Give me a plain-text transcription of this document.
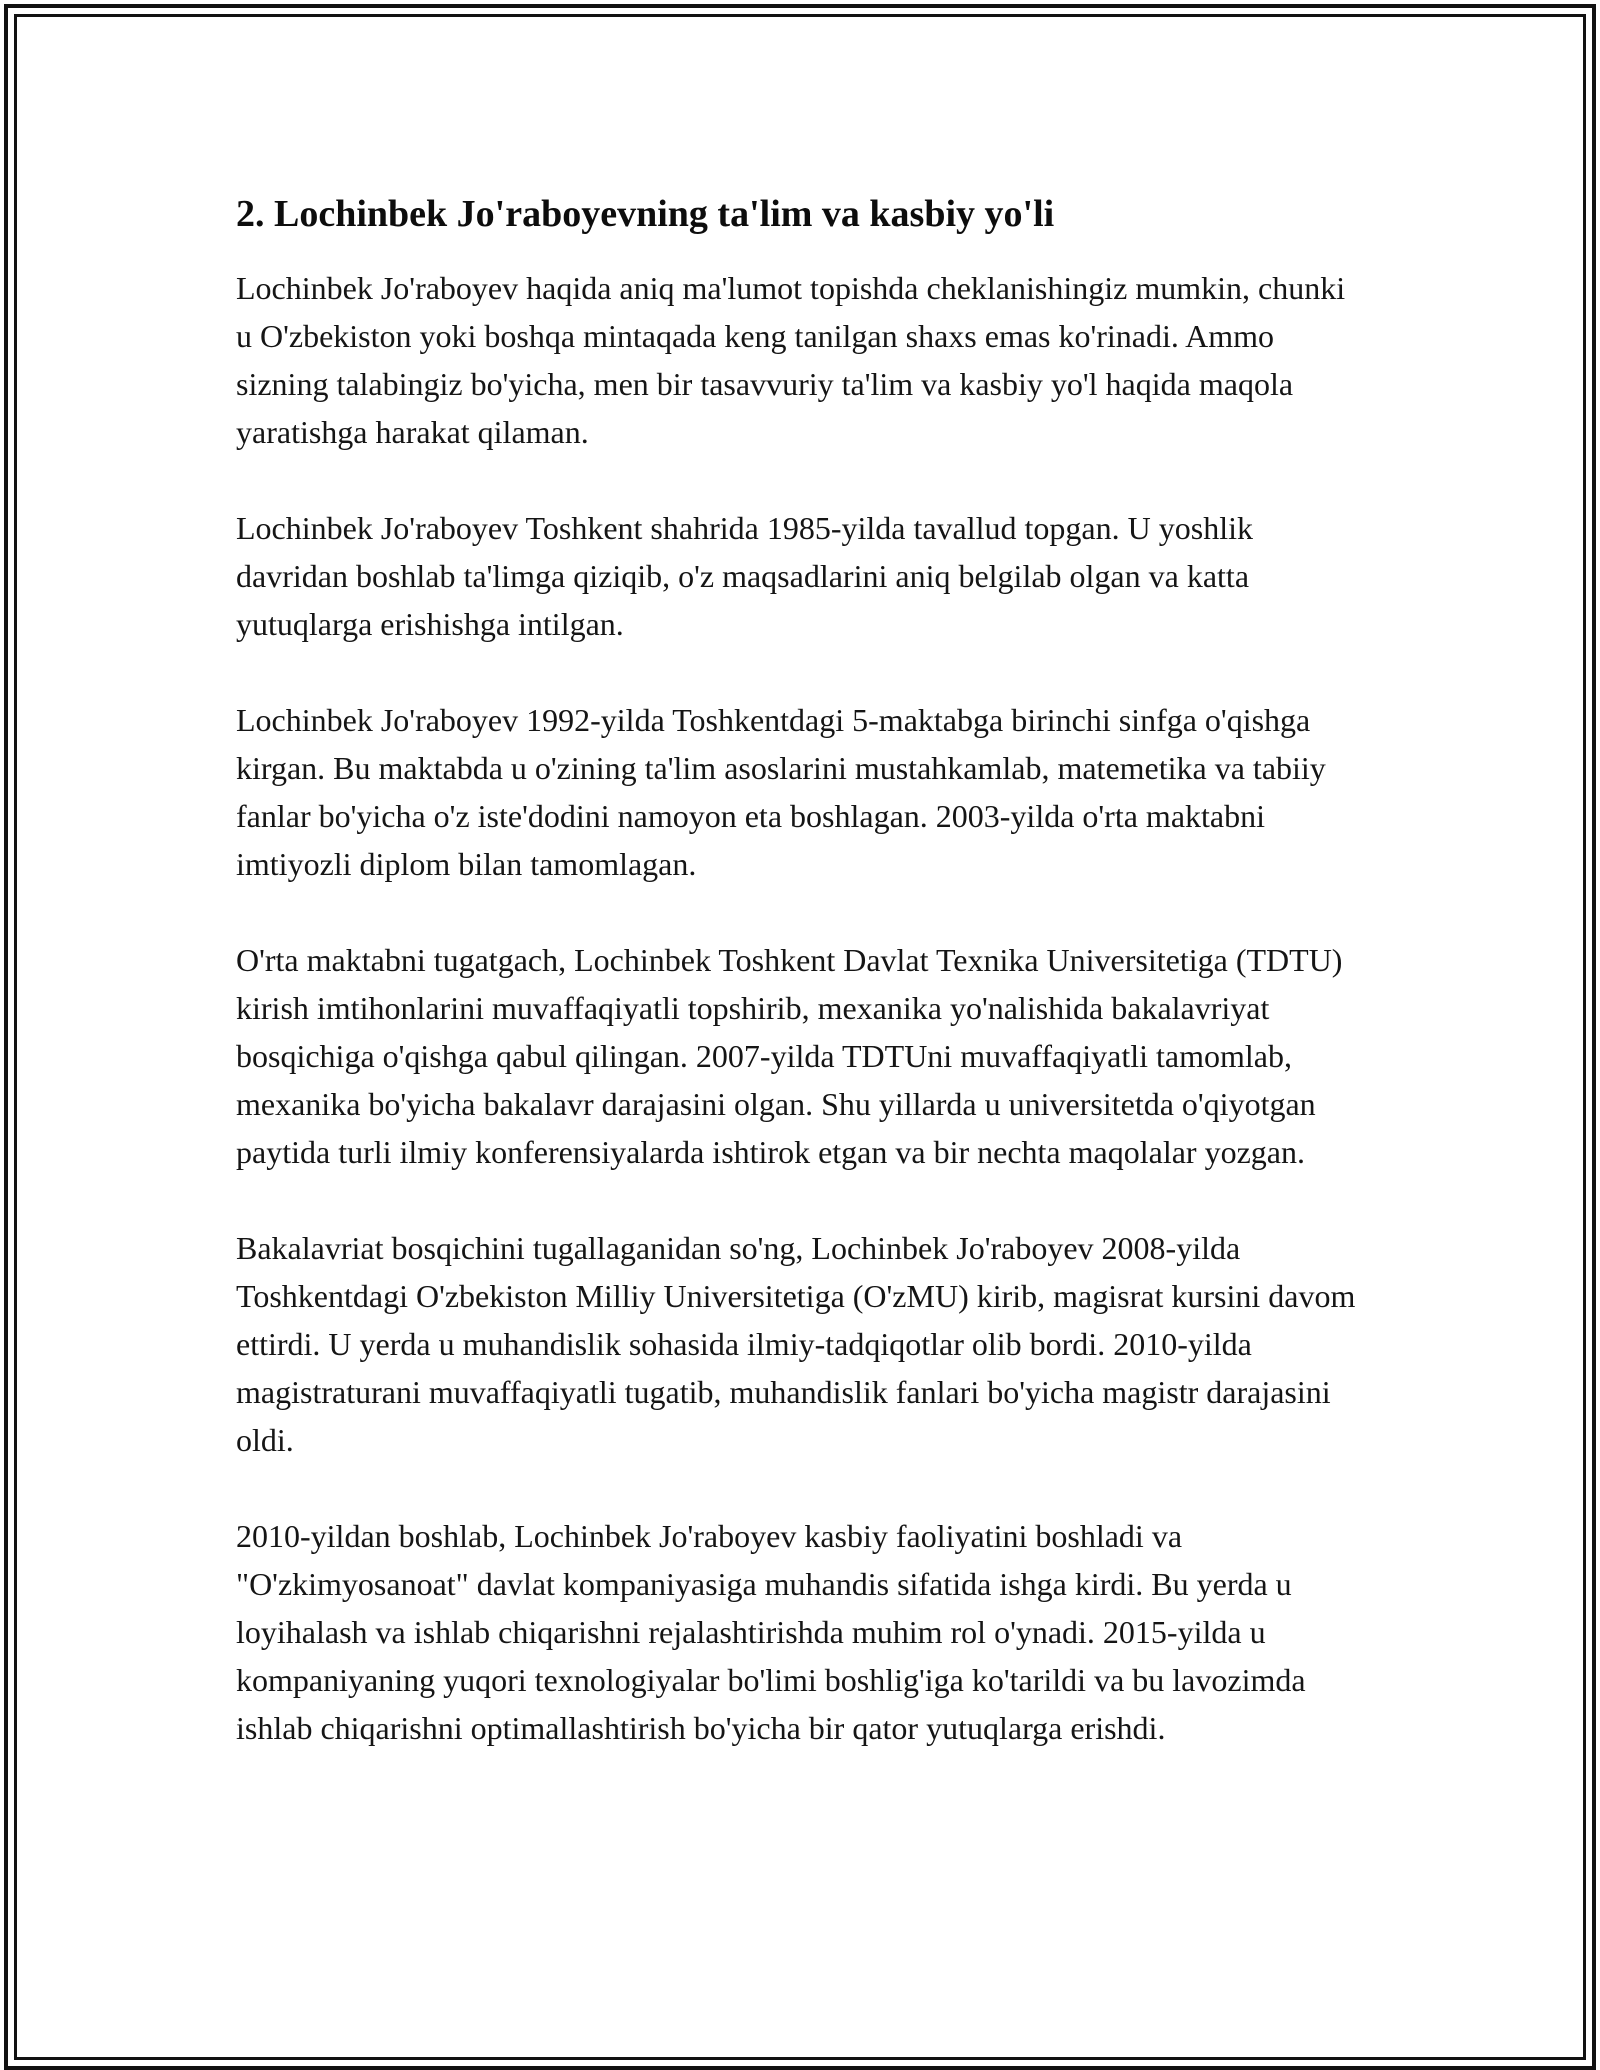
2. Lochinbek Jo'raboyevning ta'lim va kasbiy yo'li

Lochinbek Jo'raboyev haqida aniq ma'lumot topishda cheklanishingiz mumkin, chunki u O'zbekiston yoki boshqa mintaqada keng tanilgan shaxs emas ko'rinadi. Ammo sizning talabingiz bo'yicha, men bir tasavvuriy ta'lim va kasbiy yo'l haqida maqola yaratishga harakat qilaman.

Lochinbek Jo'raboyev Toshkent shahrida 1985-yilda tavallud topgan. U yoshlik davridan boshlab ta'limga qiziqib, o'z maqsadlarini aniq belgilab olgan va katta yutuqlarga erishishga intilgan.

Lochinbek Jo'raboyev 1992-yilda Toshkentdagi 5-maktabga birinchi sinfga o'qishga kirgan. Bu maktabda u o'zining ta'lim asoslarini mustahkamlab, matemetika va tabiiy fanlar bo'yicha o'z iste'dodini namoyon eta boshlagan. 2003-yilda o'rta maktabni imtiyozli diplom bilan tamomlagan.

O'rta maktabni tugatgach, Lochinbek Toshkent Davlat Texnika Universitetiga (TDTU) kirish imtihonlarini muvaffaqiyatli topshirib, mexanika yo'nalishida bakalavriyat bosqichiga o'qishga qabul qilingan. 2007-yilda TDTUni muvaffaqiyatli tamomlab, mexanika bo'yicha bakalavr darajasini olgan. Shu yillarda u universitetda o'qiyotgan paytida turli ilmiy konferensiyalarda ishtirok etgan va bir nechta maqolalar yozgan.

Bakalavriat bosqichini tugallaganidan so'ng, Lochinbek Jo'raboyev 2008-yilda Toshkentdagi O'zbekiston Milliy Universitetiga (O'zMU) kirib, magisrat kursini davom ettirdi. U yerda u muhandislik sohasida ilmiy-tadqiqotlar olib bordi. 2010-yilda magistraturani muvaffaqiyatli tugatib, muhandislik fanlari bo'yicha magistr darajasini oldi.

2010-yildan boshlab, Lochinbek Jo'raboyev kasbiy faoliyatini boshladi va "O'zkimyosanoat" davlat kompaniyasiga muhandis sifatida ishga kirdi. Bu yerda u loyihalash va ishlab chiqarishni rejalashtirishda muhim rol o'ynadi. 2015-yilda u kompaniyaning yuqori texnologiyalar bo'limi boshlig'iga ko'tarildi va bu lavozimda ishlab chiqarishni optimallashtirish bo'yicha bir qator yutuqlarga erishdi.
